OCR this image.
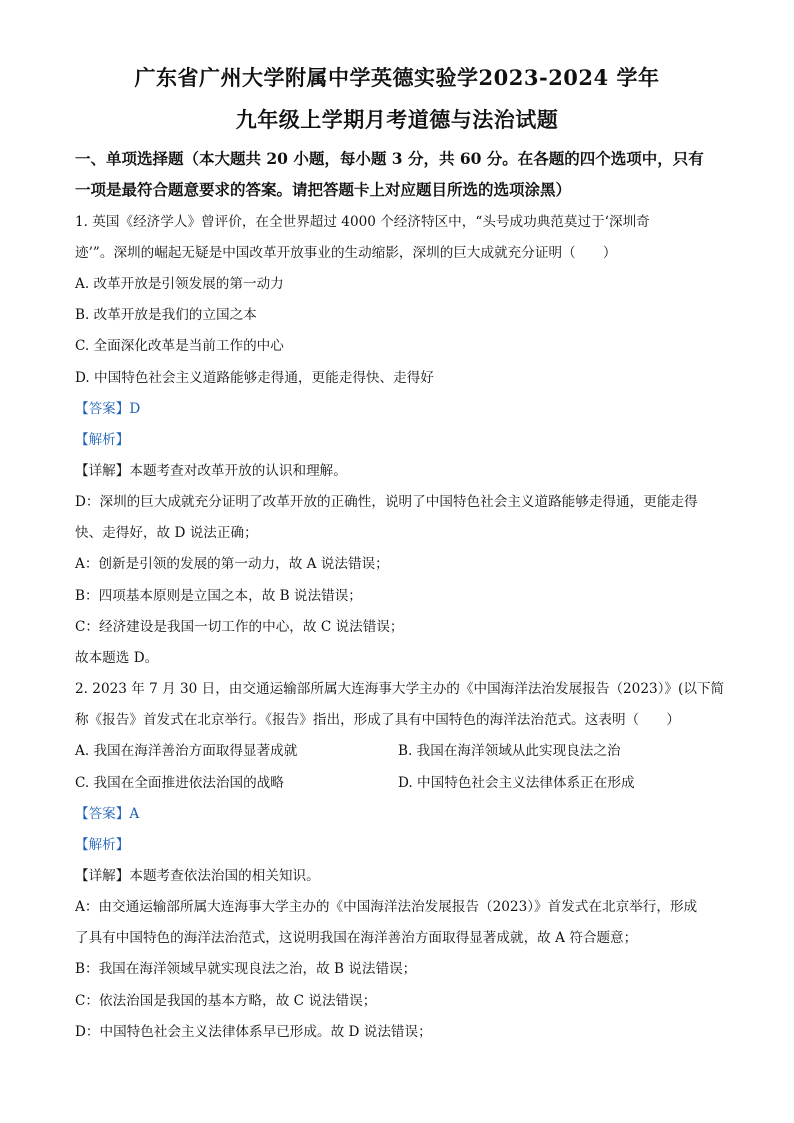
广东省广州大学附属中学英德实验学2023-2024 学年
九年级上学期月考道德与法治试题
一、单项选择题（本大题共 20 小题，每小题 3 分，共 60 分。在各题的四个选项中，只有
一项是最符合题意要求的答案。请把答题卡上对应题目所选的选项涂黑）
1. 英国《经济学人》曾评价，在全世界超过 4000 个经济特区中，“头号成功典范莫过于‘深圳奇
迹’”。深圳的崛起无疑是中国改革开放事业的生动缩影，深圳的巨大成就充分证明（　　）
A. 改革开放是引领发展的第一动力
B. 改革开放是我们的立国之本
C. 全面深化改革是当前工作的中心
D. 中国特色社会主义道路能够走得通，更能走得快、走得好
【答案】D
【解析】
【详解】本题考查对改革开放的认识和理解。
D：深圳的巨大成就充分证明了改革开放的正确性，说明了中国特色社会主义道路能够走得通，更能走得
快、走得好，故 D 说法正确；
A：创新是引领的发展的第一动力，故 A 说法错误；
B：四项基本原则是立国之本，故 B 说法错误；
C：经济建设是我国一切工作的中心，故 C 说法错误；
故本题选 D。
2. 2023 年 7 月 30 日，由交通运输部所属大连海事大学主办的《中国海洋法治发展报告（2023）》(以下简
称《报告》首发式在北京举行。《报告》指出，形成了具有中国特色的海洋法治范式。这表明（　　）
A. 我国在海洋善治方面取得显著成就	B. 我国在海洋领域从此实现良法之治
C. 我国在全面推进依法治国的战略	D. 中国特色社会主义法律体系正在形成
【答案】A
【解析】
【详解】本题考查依法治国的相关知识。
A：由交通运输部所属大连海事大学主办的《中国海洋法治发展报告（2023）》首发式在北京举行，形成
了具有中国特色的海洋法治范式，这说明我国在海洋善治方面取得显著成就，故 A 符合题意；
B：我国在海洋领域早就实现良法之治，故 B 说法错误；
C：依法治国是我国的基本方略，故 C 说法错误；
D：中国特色社会主义法律体系早已形成。故 D 说法错误；
